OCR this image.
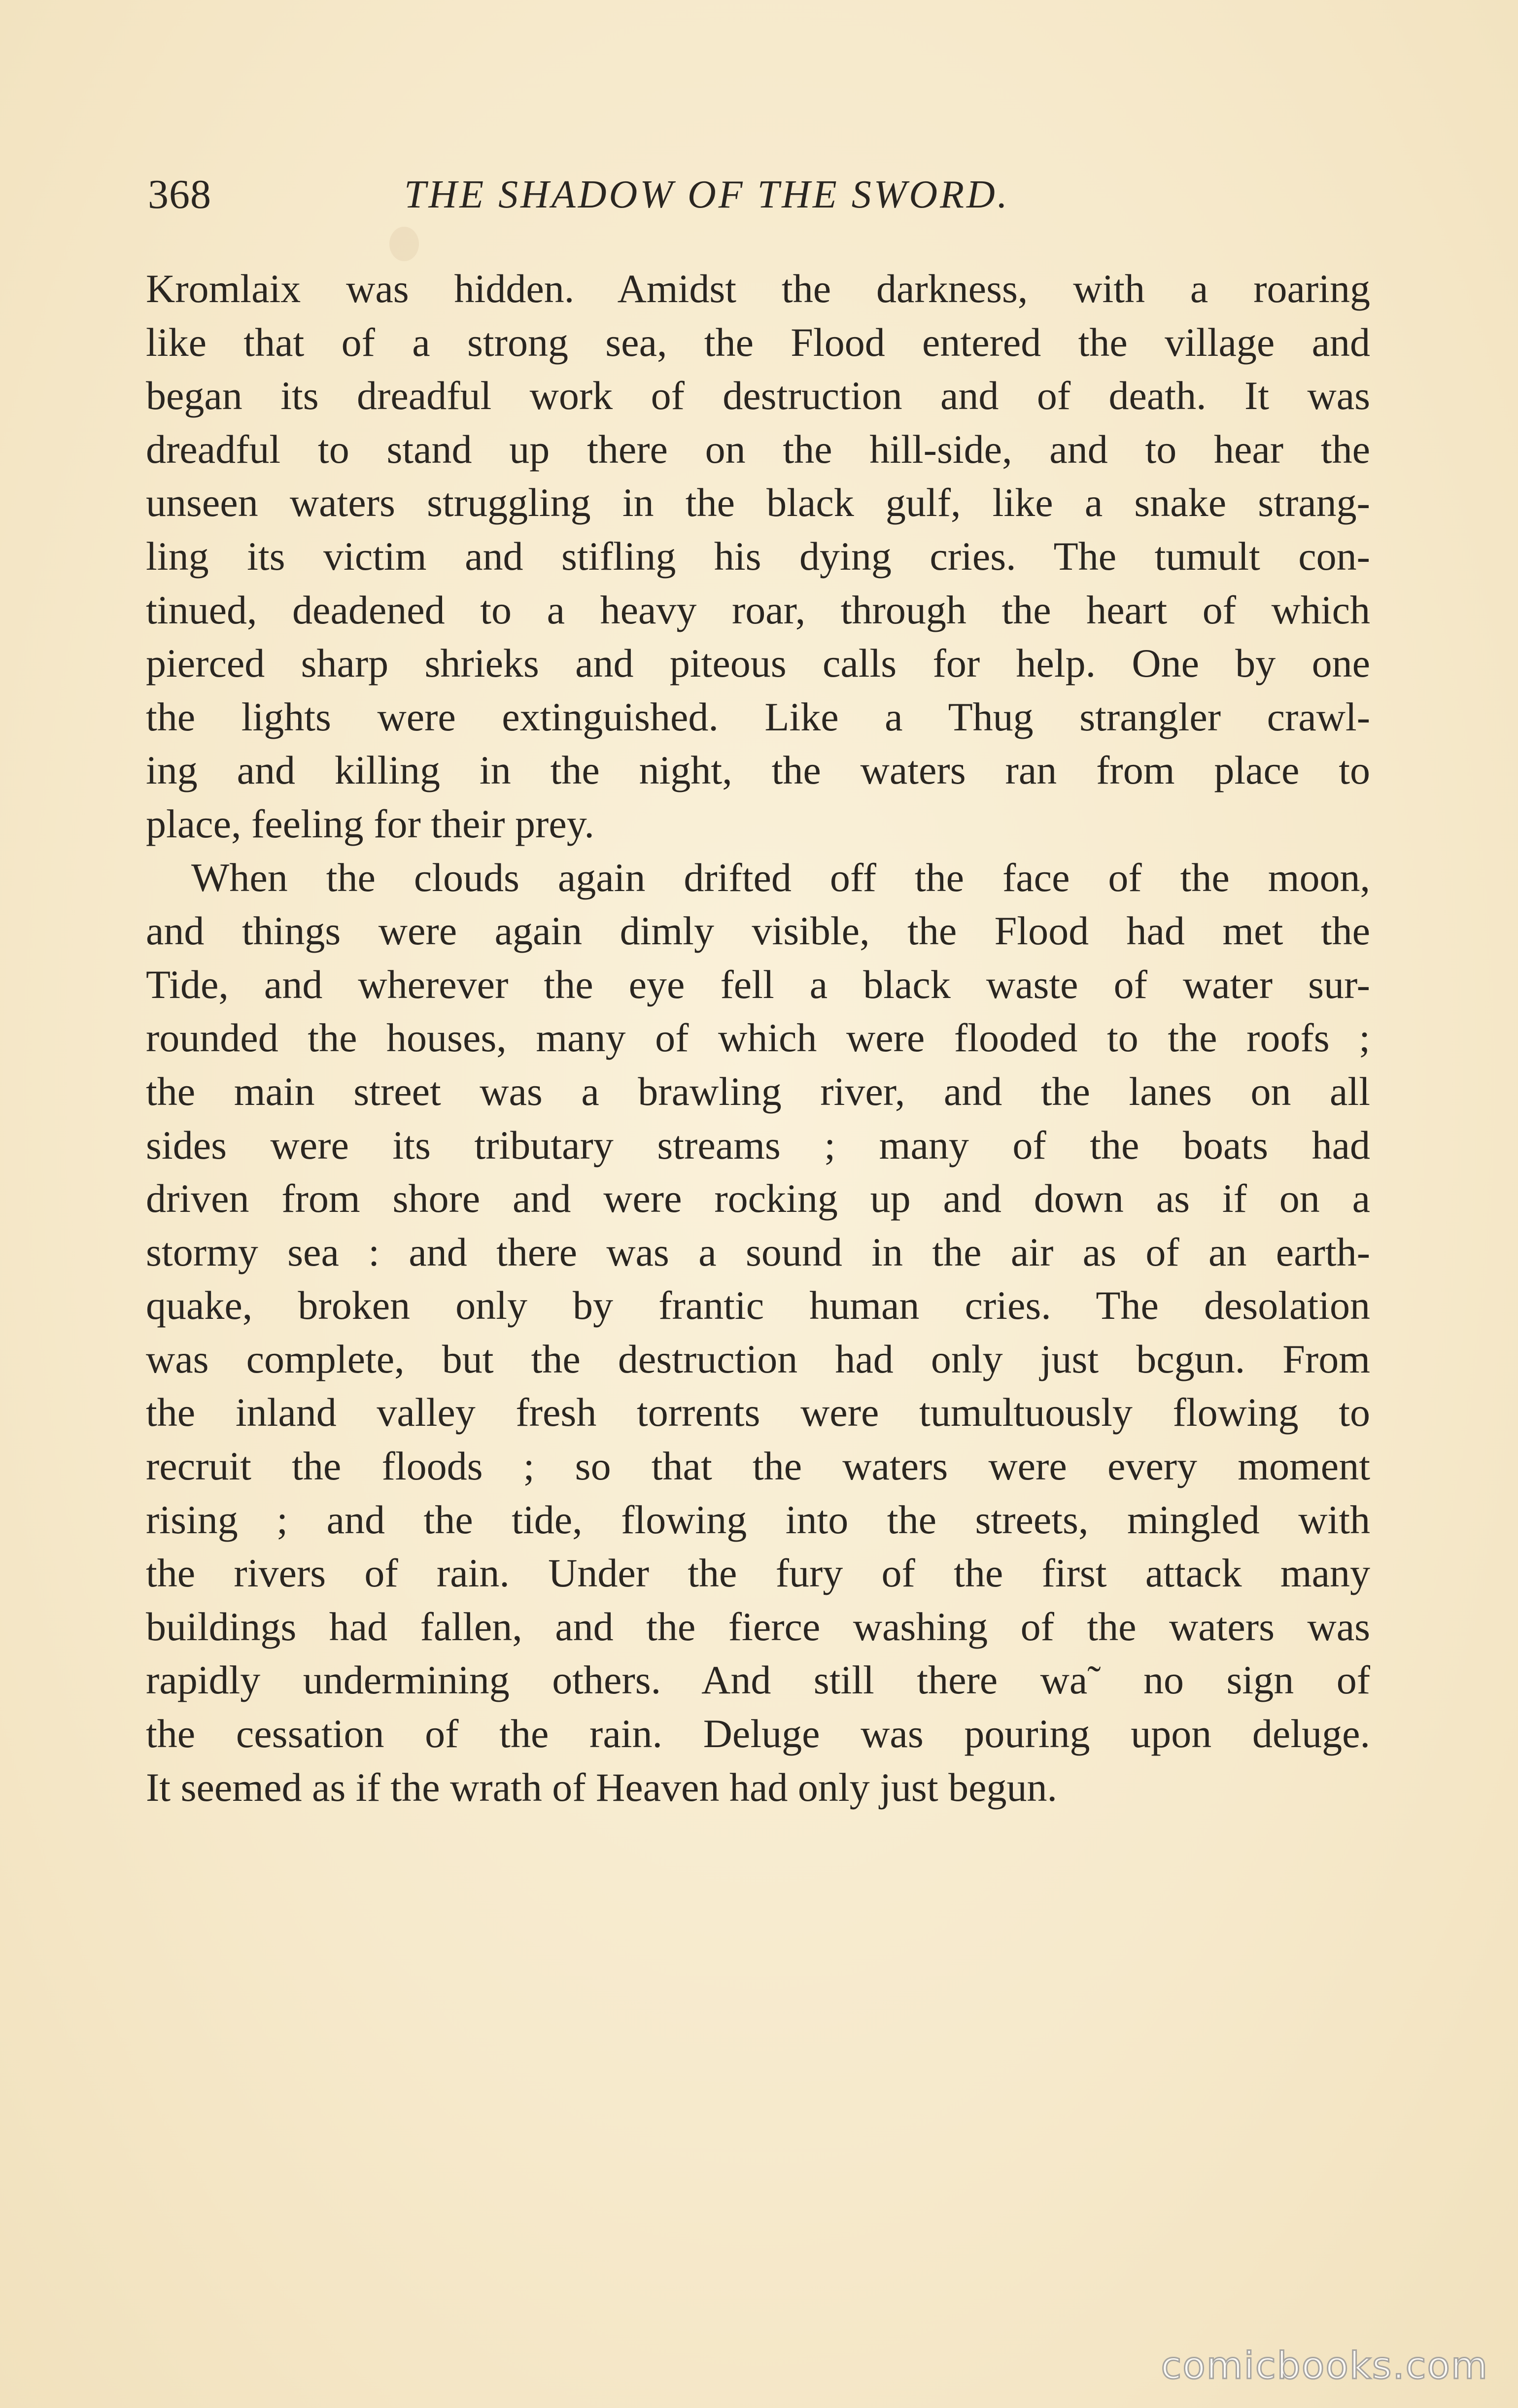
368	THE SHADOW OF THE SWORD.
Kromlaix was hidden. Amidst the darkness, with a roaring
like that of a strong sea, the Flood entered the village and
began its dreadful work of destruction and of death. It was
dreadful to stand up there on the hill-side, and to hear the
unseen waters struggling in the black gulf, like a snake strang-
ling its victim and stifling his dying cries. The tumult con-
tinued, deadened to a heavy roar, through the heart of which
pierced sharp shrieks and piteous calls for help. One by one
the lights were extinguished. Like a Thug strangler crawl-
ing and killing in the night, the waters ran from place to
place, feeling for their prey.
When the clouds again drifted off the face of the moon,
and things were again dimly visible, the Flood had met the
Tide, and wherever the eye fell a black waste of water sur-
rounded the houses, many of which were flooded to the roofs ;
the main street was a brawling river, and the lanes on all
sides were its tributary streams ; many of the boats had
driven from shore and were rocking up and down as if on a
stormy sea : and there was a sound in the air as of an earth-
quake, broken only by frantic human cries. The desolation
was complete, but the destruction had only just bсgun. From
the inland valley fresh torrents were tumultuously flowing to
recruit the floods ; so that the waters were every moment
rising ; and the tide, flowing into the streets, mingled with
the rivers of rain. Under the fury of the first attack many
buildings had fallen, and the fierce washing of the waters was
rapidly undermining others. And still there wa˜ no sign of
the cessation of the rain. Deluge was pouring upon deluge.
It seemed as if the wrath of Heaven had only just begun.
comicbooks.com
